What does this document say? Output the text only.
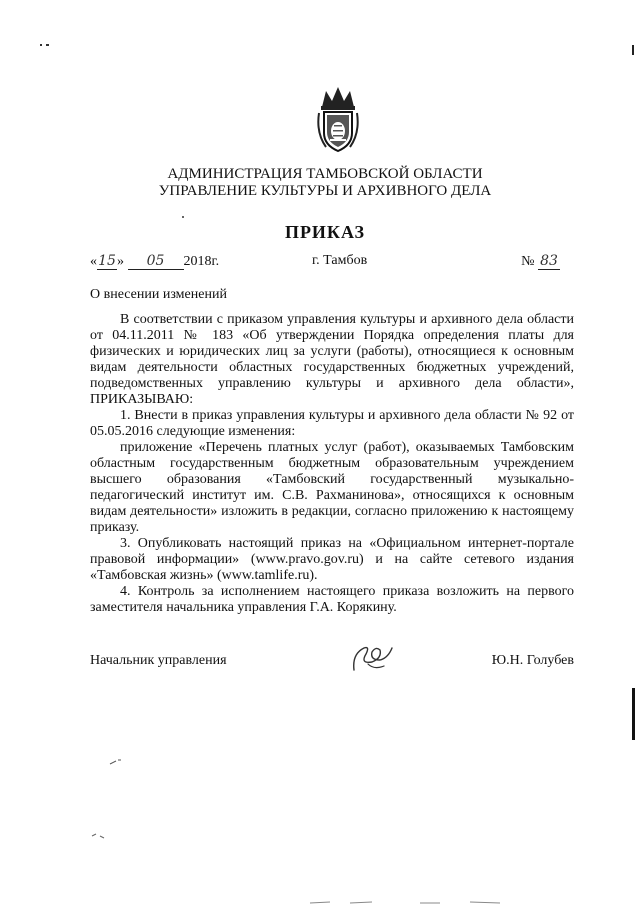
АДМИНИСТРАЦИЯ ТАМБОВСКОЙ ОБЛАСТИ
УПРАВЛЕНИЕ КУЛЬТУРЫ И АРХИВНОГО ДЕЛА
ПРИКАЗ
«15» 05 2018г.	г. Тамбов	№ 83
О внесении изменений

В соответствии с приказом управления культуры и архивного дела области от 04.11.2011 № 183 «Об утверждении Порядка определения платы для физических и юридических лиц за услуги (работы), относящиеся к основным видам деятельности областных государственных бюджетных учреждений, подведомственных управлению культуры и архивного дела области», ПРИКАЗЫВАЮ:

1. Внести в приказ управления культуры и архивного дела области № 92 от 05.05.2016 следующие изменения:

приложение «Перечень платных услуг (работ), оказываемых Тамбовским областным государственным бюджетным образовательным учреждением высшего образования «Тамбовский государственный музыкально-педагогический институт им. С.В. Рахманинова», относящихся к основным видам деятельности» изложить в редакции, согласно приложению к настоящему приказу.

3. Опубликовать настоящий приказ на «Официальном интернет-портале правовой информации» (www.pravo.gov.ru) и на сайте сетевого издания «Тамбовская жизнь» (www.tamlife.ru).

4. Контроль за исполнением настоящего приказа возложить на первого заместителя начальника управления Г.А. Корякину.

Начальник управления	Ю.Н. Голубев
